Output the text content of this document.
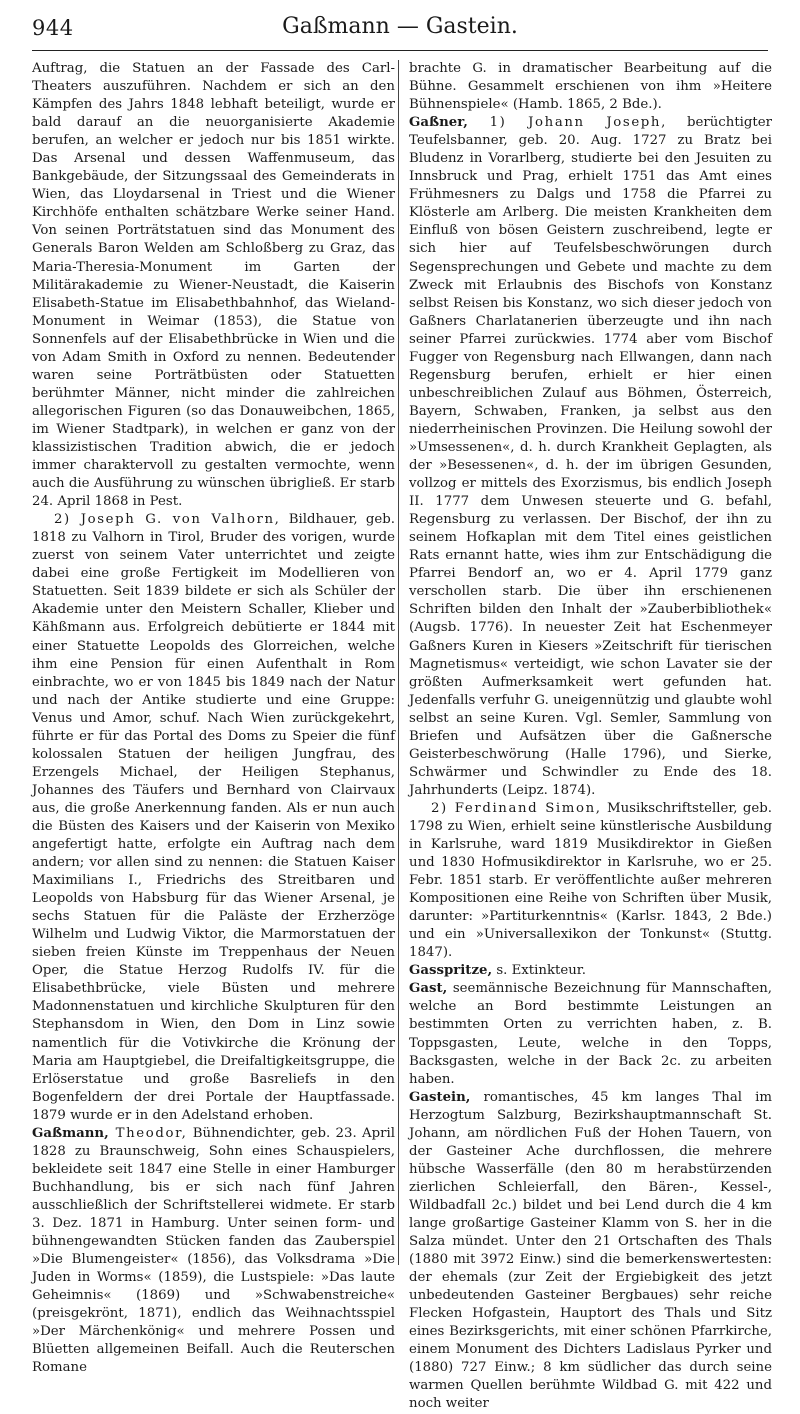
944	Gaßmann — Gastein.

Auftrag, die Statuen an der Fassade des Carl-Theaters auszuführen. Nachdem er sich an den Kämpfen des Jahrs 1848 lebhaft beteiligt, wurde er bald darauf an die neuorganisierte Akademie berufen, an welcher er jedoch nur bis 1851 wirkte. Das Arsenal und dessen Waffenmuseum, das Bankgebäude, der Sitzungssaal des Gemeinderats in Wien, das Lloydarsenal in Triest und die Wiener Kirchhöfe enthalten schätzbare Werke seiner Hand. Von seinen Porträtstatuen sind das Monument des Generals Baron Welden am Schloßberg zu Graz, das Maria-Theresia-Monument im Garten der Militärakademie zu Wiener-Neustadt, die Kaiserin Elisabeth-Statue im Elisabethbahnhof, das Wieland-Monument in Weimar (1853), die Statue von Sonnenfels auf der Elisabethbrücke in Wien und die von Adam Smith in Oxford zu nennen. Bedeutender waren seine Porträtbüsten oder Statuetten berühmter Männer, nicht minder die zahlreichen allegorischen Figuren (so das Donauweibchen, 1865, im Wiener Stadtpark), in welchen er ganz von der klassizistischen Tradition abwich, die er jedoch immer charaktervoll zu gestalten vermochte, wenn auch die Ausführung zu wünschen übrigließ. Er starb 24. April 1868 in Pest.

2) Joseph G. von Valhorn, Bildhauer, geb. 1818 zu Valhorn in Tirol, Bruder des vorigen, wurde zuerst von seinem Vater unterrichtet und zeigte dabei eine große Fertigkeit im Modellieren von Statuetten. Seit 1839 bildete er sich als Schüler der Akademie unter den Meistern Schaller, Klieber und Kähßmann aus. Erfolgreich debütierte er 1844 mit einer Statuette Leopolds des Glorreichen, welche ihm eine Pension für einen Aufenthalt in Rom einbrachte, wo er von 1845 bis 1849 nach der Natur und nach der Antike studierte und eine Gruppe: Venus und Amor, schuf. Nach Wien zurückgekehrt, führte er für das Portal des Doms zu Speier die fünf kolossalen Statuen der heiligen Jungfrau, des Erzengels Michael, der Heiligen Stephanus, Johannes des Täufers und Bernhard von Clairvaux aus, die große Anerkennung fanden. Als er nun auch die Büsten des Kaisers und der Kaiserin von Mexiko angefertigt hatte, erfolgte ein Auftrag nach dem andern; vor allen sind zu nennen: die Statuen Kaiser Maximilians I., Friedrichs des Streitbaren und Leopolds von Habsburg für das Wiener Arsenal, je sechs Statuen für die Paläste der Erzherzöge Wilhelm und Ludwig Viktor, die Marmorstatuen der sieben freien Künste im Treppenhaus der Neuen Oper, die Statue Herzog Rudolfs IV. für die Elisabethbrücke, viele Büsten und mehrere Madonnenstatuen und kirchliche Skulpturen für den Stephansdom in Wien, den Dom in Linz sowie namentlich für die Votivkirche die Krönung der Maria am Hauptgiebel, die Dreifaltigkeitsgruppe, die Erlöserstatue und große Basreliefs in den Bogenfeldern der drei Portale der Hauptfassade. 1879 wurde er in den Adelstand erhoben.

Gaßmann, Theodor, Bühnendichter, geb. 23. April 1828 zu Braunschweig, Sohn eines Schauspielers, bekleidete seit 1847 eine Stelle in einer Hamburger Buchhandlung, bis er sich nach fünf Jahren ausschließlich der Schriftstellerei widmete. Er starb 3. Dez. 1871 in Hamburg. Unter seinen form- und bühnengewandten Stücken fanden das Zauberspiel »Die Blumengeister« (1856), das Volksdrama »Die Juden in Worms« (1859), die Lustspiele: »Das laute Geheimnis« (1869) und »Schwabenstreiche« (preisgekrönt, 1871), endlich das Weihnachtsspiel »Der Märchenkönig« und mehrere Possen und Blüetten allgemeinen Beifall. Auch die Reuterschen Romane

brachte G. in dramatischer Bearbeitung auf die Bühne. Gesammelt erschienen von ihm »Heitere Bühnenspiele« (Hamb. 1865, 2 Bde.).

Gaßner, 1) Johann Joseph, berüchtigter Teufelsbanner, geb. 20. Aug. 1727 zu Bratz bei Bludenz in Vorarlberg, studierte bei den Jesuiten zu Innsbruck und Prag, erhielt 1751 das Amt eines Frühmesners zu Dalgs und 1758 die Pfarrei zu Klösterle am Arlberg. Die meisten Krankheiten dem Einfluß von bösen Geistern zuschreibend, legte er sich hier auf Teufelsbeschwörungen durch Segensprechungen und Gebete und machte zu dem Zweck mit Erlaubnis des Bischofs von Konstanz selbst Reisen bis Konstanz, wo sich dieser jedoch von Gaßners Charlatanerien überzeugte und ihn nach seiner Pfarrei zurückwies. 1774 aber vom Bischof Fugger von Regensburg nach Ellwangen, dann nach Regensburg berufen, erhielt er hier einen unbeschreiblichen Zulauf aus Böhmen, Österreich, Bayern, Schwaben, Franken, ja selbst aus den niederrheinischen Provinzen. Die Heilung sowohl der »Umsessenen«, d. h. durch Krankheit Geplagten, als der »Besessenen«, d. h. der im übrigen Gesunden, vollzog er mittels des Exorzismus, bis endlich Joseph II. 1777 dem Unwesen steuerte und G. befahl, Regensburg zu verlassen. Der Bischof, der ihn zu seinem Hofkaplan mit dem Titel eines geistlichen Rats ernannt hatte, wies ihm zur Entschädigung die Pfarrei Bendorf an, wo er 4. April 1779 ganz verschollen starb. Die über ihn erschienenen Schriften bilden den Inhalt der »Zauberbibliothek« (Augsb. 1776). In neuester Zeit hat Eschenmeyer Gaßners Kuren in Kiesers »Zeitschrift für tierischen Magnetismus« verteidigt, wie schon Lavater sie der größten Aufmerksamkeit wert gefunden hat. Jedenfalls verfuhr G. uneigennützig und glaubte wohl selbst an seine Kuren. Vgl. Semler, Sammlung von Briefen und Aufsätzen über die Gaßnersche Geisterbeschwörung (Halle 1796), und Sierke, Schwärmer und Schwindler zu Ende des 18. Jahrhunderts (Leipz. 1874).

2) Ferdinand Simon, Musikschriftsteller, geb. 1798 zu Wien, erhielt seine künstlerische Ausbildung in Karlsruhe, ward 1819 Musikdirektor in Gießen und 1830 Hofmusikdirektor in Karlsruhe, wo er 25. Febr. 1851 starb. Er veröffentlichte außer mehreren Kompositionen eine Reihe von Schriften über Musik, darunter: »Partiturkenntnis« (Karlsr. 1843, 2 Bde.) und ein »Universallexikon der Tonkunst« (Stuttg. 1847).

Gasspritze, s. Extinkteur.

Gast, seemännische Bezeichnung für Mannschaften, welche an Bord bestimmte Leistungen an bestimmten Orten zu verrichten haben, z. B. Toppsgasten, Leute, welche in den Topps, Backsgasten, welche in der Back 2c. zu arbeiten haben.

Gastein, romantisches, 45 km langes Thal im Herzogtum Salzburg, Bezirkshauptmannschaft St. Johann, am nördlichen Fuß der Hohen Tauern, von der Gasteiner Ache durchflossen, die mehrere hübsche Wasserfälle (den 80 m herabstürzenden zierlichen Schleierfall, den Bären-, Kessel-, Wildbadfall 2c.) bildet und bei Lend durch die 4 km lange großartige Gasteiner Klamm von S. her in die Salza mündet. Unter den 21 Ortschaften des Thals (1880 mit 3972 Einw.) sind die bemerkenswertesten: der ehemals (zur Zeit der Ergiebigkeit des jetzt unbedeutenden Gasteiner Bergbaues) sehr reiche Flecken Hofgastein, Hauptort des Thals und Sitz eines Bezirksgerichts, mit einer schönen Pfarrkirche, einem Monument des Dichters Ladislaus Pyrker und (1880) 727 Einw.; 8 km südlicher das durch seine warmen Quellen berühmte Wildbad G. mit 422 und noch weiter
